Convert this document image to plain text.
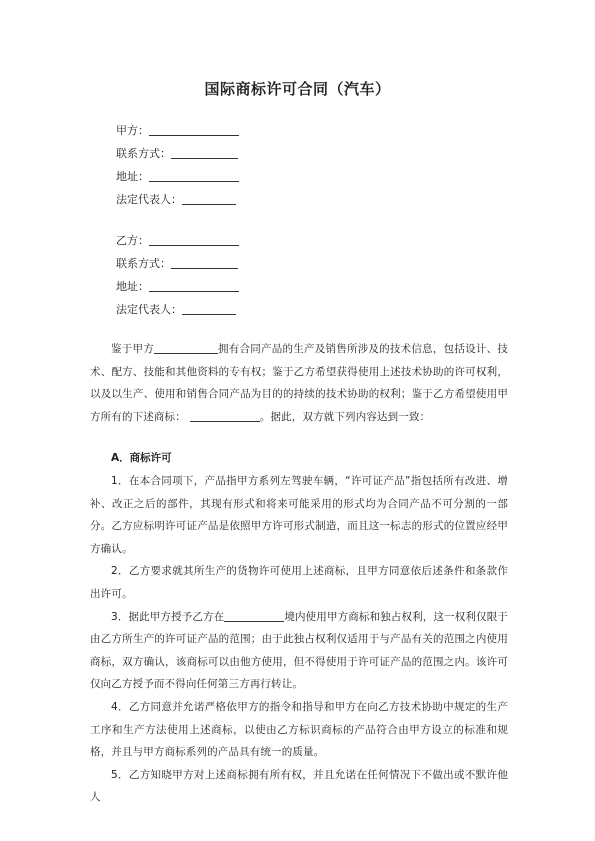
国际商标许可合同（汽车）
甲方：
联系方式：
地址：
法定代表人：
乙方：
联系方式：
地址：
法定代表人：

鉴于甲方	拥有合同产品的生产及销售所涉及的技术信息，包括设计、技术、配方、技能和其他资料的专有权；鉴于乙方希望获得使用上述技术协助的许可权利，以及以生产、使用和销售合同产品为目的的持续的技术协助的权利；鉴于乙方希望使用甲方所有的下述商标：	。据此，双方就下列内容达到一致：

A．商标许可

1．在本合同项下，产品指甲方系列左驾驶车辆，“许可证产品”指包括所有改进、增补、改正之后的部件，其现有形式和将来可能采用的形式均为合同产品不可分割的一部分。乙方应标明许可证产品是依照甲方许可形式制造，而且这一标志的形式的位置应经甲方确认。

2．乙方要求就其所生产的货物许可使用上述商标，且甲方同意依后述条件和条款作出许可。

3．据此甲方授予乙方在	境内使用甲方商标和独占权利，这一权利仅限于由乙方所生产的许可证产品的范围；由于此独占权利仅适用于与产品有关的范围之内使用商标，双方确认，该商标可以由他方使用，但不得使用于许可证产品的范围之内。该许可仅向乙方授予而不得向任何第三方再行转让。

4．乙方同意并允诺严格依甲方的指令和指导和甲方在向乙方技术协助中规定的生产工序和生产方法使用上述商标，以使由乙方标识商标的产品符合由甲方设立的标准和规格，并且与甲方商标系列的产品具有统一的质量。

5．乙方知晓甲方对上述商标拥有所有权，并且允诺在任何情况下不做出或不默许他人
